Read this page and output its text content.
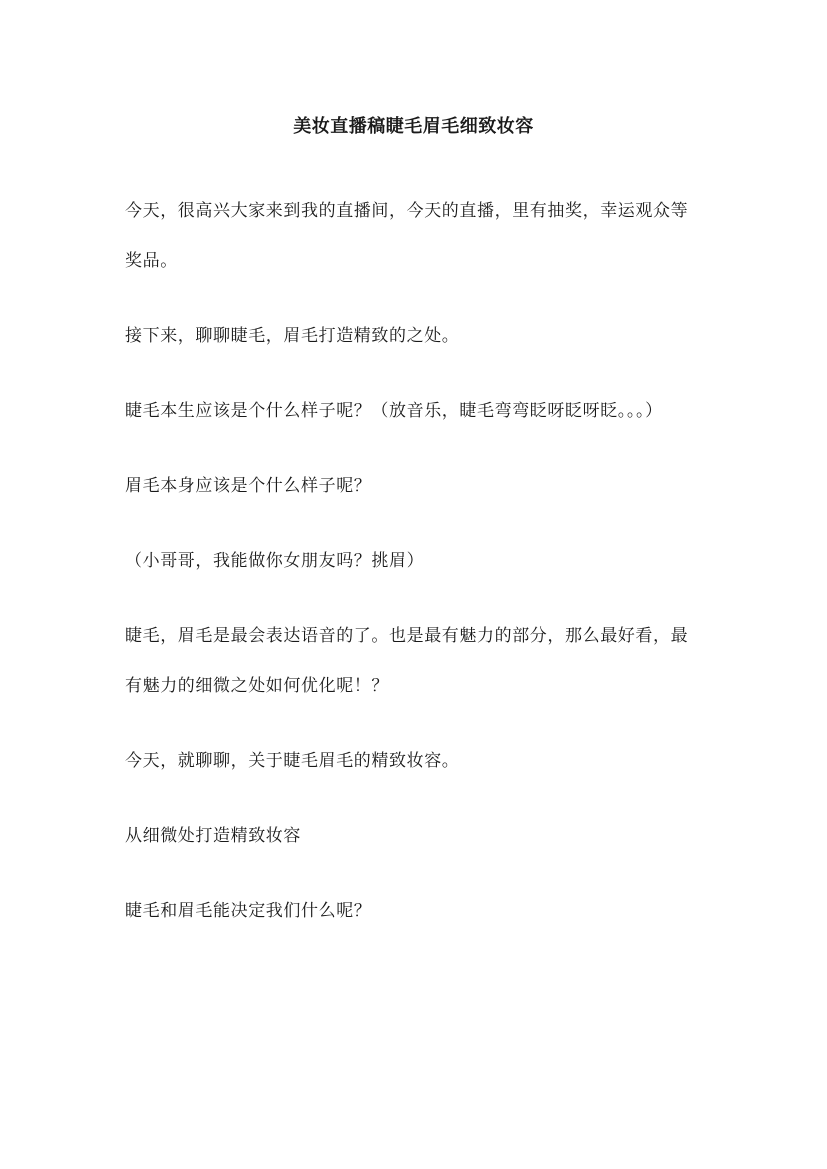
美妆直播稿睫毛眉毛细致妆容

今天，很高兴大家来到我的直播间，今天的直播，里有抽奖，幸运观众等奖品。

接下来，聊聊睫毛，眉毛打造精致的之处。

睫毛本生应该是个什么样子呢？（放音乐，睫毛弯弯眨呀眨呀眨。。。）

眉毛本身应该是个什么样子呢？

（小哥哥，我能做你女朋友吗？挑眉）

睫毛，眉毛是最会表达语音的了。也是最有魅力的部分，那么最好看，最有魅力的细微之处如何优化呢！？

今天，就聊聊，关于睫毛眉毛的精致妆容。

从细微处打造精致妆容

睫毛和眉毛能决定我们什么呢？
